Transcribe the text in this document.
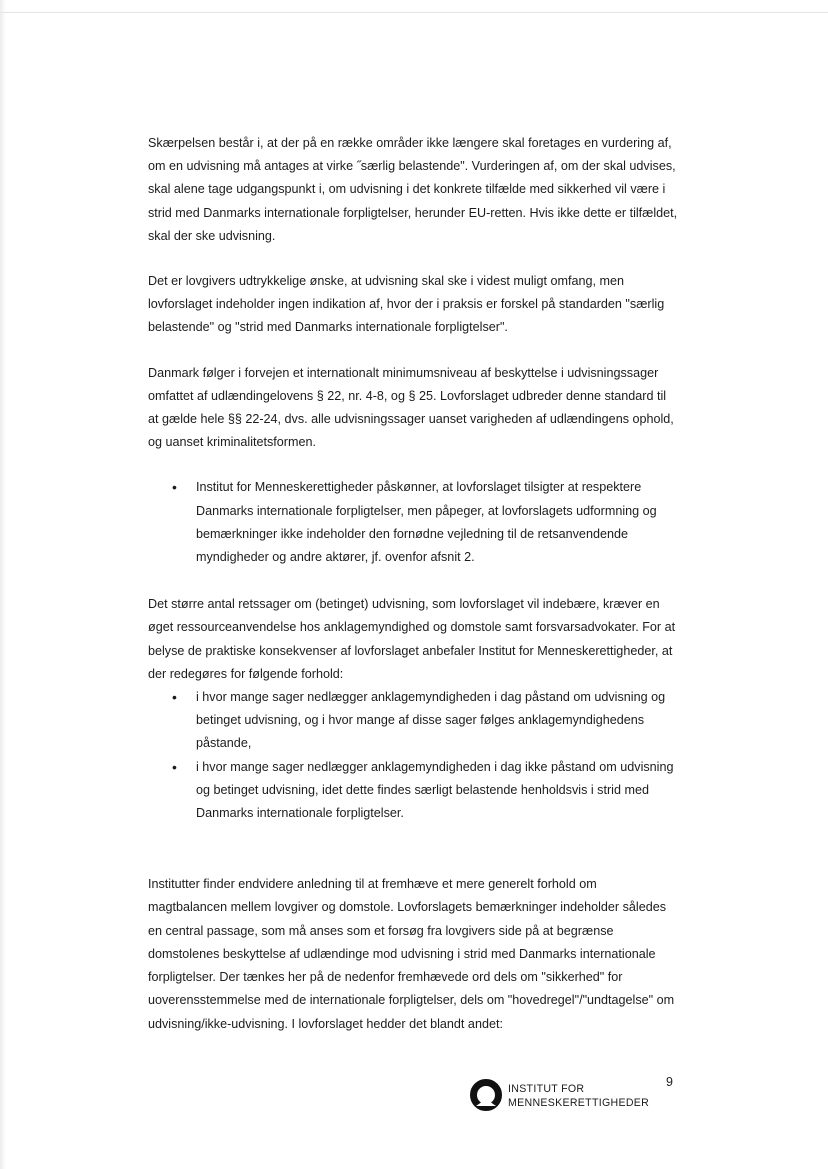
Skærpelsen består i, at der på en række områder ikke længere skal foretages en vurdering af, om en udvisning må antages at virke ˝særlig belastende". Vurderingen af, om der skal udvises, skal alene tage udgangspunkt i, om udvisning i det konkrete tilfælde med sikkerhed vil være i strid med Danmarks internationale forpligtelser, herunder EU-retten. Hvis ikke dette er tilfældet, skal der ske udvisning.

Det er lovgivers udtrykkelige ønske, at udvisning skal ske i videst muligt omfang, men lovforslaget indeholder ingen indikation af, hvor der i praksis er forskel på standarden "særlig belastende" og "strid med Danmarks internationale forpligtelser".

Danmark følger i forvejen et internationalt minimumsniveau af beskyttelse i udvisningssager omfattet af udlændingelovens § 22, nr. 4-8, og § 25. Lovforslaget udbreder denne standard til at gælde hele §§ 22-24, dvs. alle udvisningssager uanset varigheden af udlændingens ophold, og uanset kriminalitetsformen.

• Institut for Menneskerettigheder påskønner, at lovforslaget tilsigter at respektere Danmarks internationale forpligtelser, men påpeger, at lovforslagets udformning og bemærkninger ikke indeholder den fornødne vejledning til de retsanvendende myndigheder og andre aktører, jf. ovenfor afsnit 2.

Det større antal retssager om (betinget) udvisning, som lovforslaget vil indebære, kræver en øget ressourceanvendelse hos anklagemyndighed og domstole samt forsvarsadvokater. For at belyse de praktiske konsekvenser af lovforslaget anbefaler Institut for Menneskerettigheder, at der redegøres for følgende forhold:

• i hvor mange sager nedlægger anklagemyndigheden i dag påstand om udvisning og betinget udvisning, og i hvor mange af disse sager følges anklagemyndighedens påstande,
• i hvor mange sager nedlægger anklagemyndigheden i dag ikke påstand om udvisning og betinget udvisning, idet dette findes særligt belastende henholdsvis i strid med Danmarks internationale forpligtelser.

Institutter finder endvidere anledning til at fremhæve et mere generelt forhold om magtbalancen mellem lovgiver og domstole. Lovforslagets bemærkninger indeholder således en central passage, som må anses som et forsøg fra lovgivers side på at begrænse domstolenes beskyttelse af udlændinge mod udvisning i strid med Danmarks internationale forpligtelser. Der tænkes her på de nedenfor fremhævede ord dels om "sikkerhed" for uoverensstemmelse med de internationale forpligtelser, dels om "hovedregel"/"undtagelse" om udvisning/ikke-udvisning. I lovforslaget hedder det blandt andet:

INSTITUT FOR
MENNESKERETTIGHEDER
9
